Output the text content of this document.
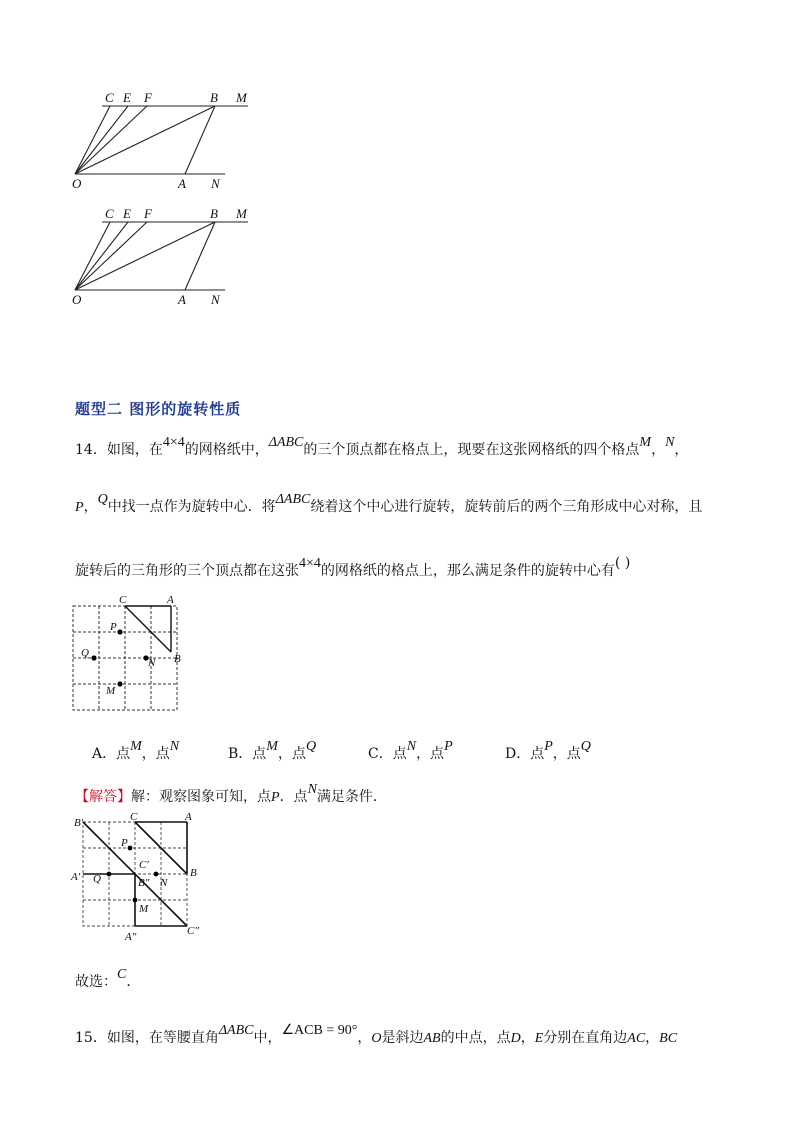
C E F	B M
O	A N
C E F	B M
O	A N
题型二 图形的旋转性质
14．如图，在4×4的网格纸中，ΔABC的三个顶点都在格点上，现要在这张网格纸的四个格点M，N，
P，Q中找一点作为旋转中心．将ΔABC绕着这个中心进行旋转，旋转前后的两个三角形成中心对称，且
旋转后的三角形的三个顶点都在这张4×4的网格纸的格点上，那么满足条件的旋转中心有( )
C	A
P
Q
N B
M
A．点M，点N	B．点M，点Q	C．点N，点P	D．点P，点Q
【解答】解：观察图象可知，点P．点N满足条件．
B′	C	A
P
C′
A′ Q	B″ N
B
M
A″	C″
故选：C．
15．如图，在等腰直角ΔABC中，∠ACB = 90°，O是斜边AB的中点，点D，E分别在直角边AC，BC
